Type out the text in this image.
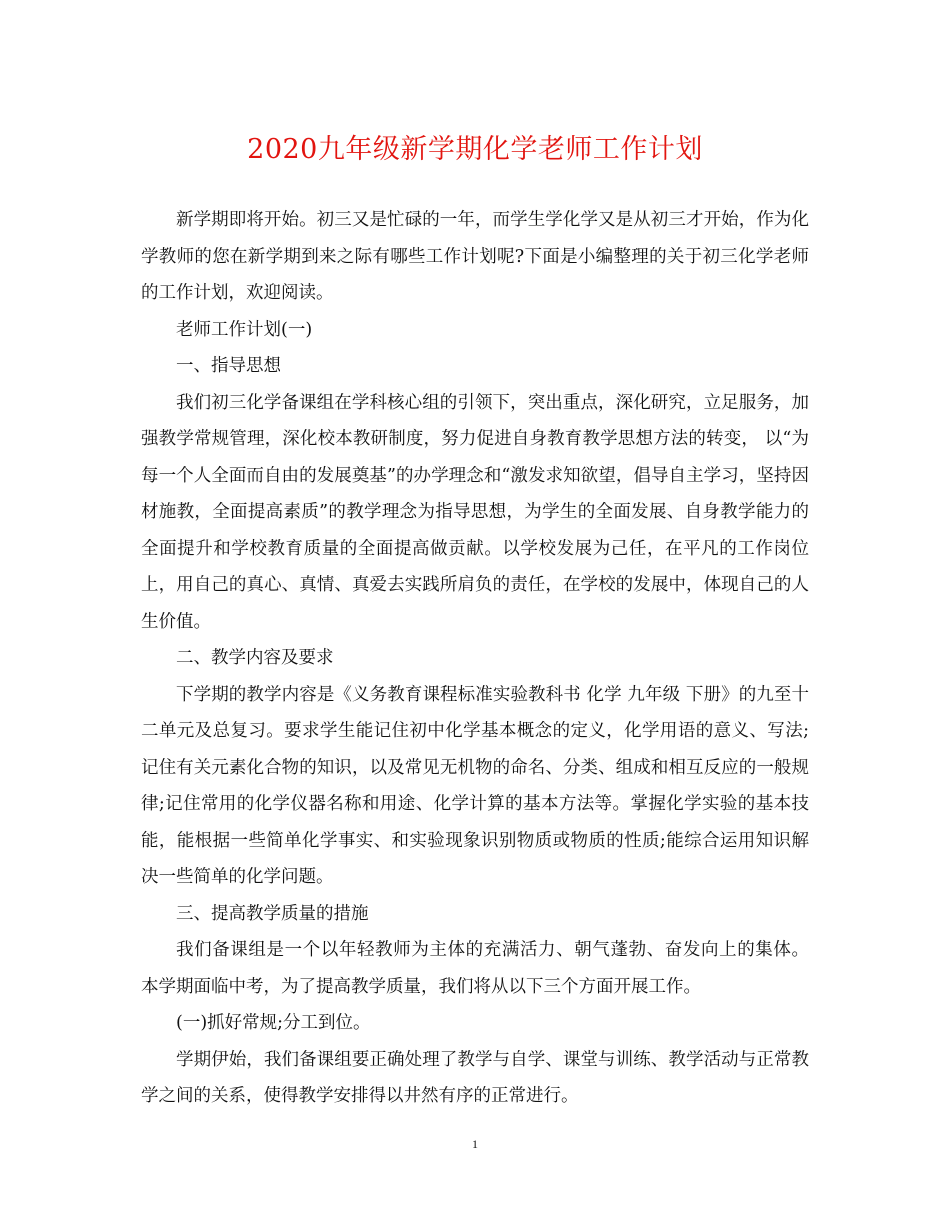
2020九年级新学期化学老师工作计划

新学期即将开始。初三又是忙碌的一年，而学生学化学又是从初三才开始，作为化学教师的您在新学期到来之际有哪些工作计划呢?下面是小编整理的关于初三化学老师的工作计划，欢迎阅读。

老师工作计划(一)

一、指导思想

我们初三化学备课组在学科核心组的引领下，突出重点，深化研究，立足服务，加强教学常规管理，深化校本教研制度，努力促进自身教育教学思想方法的转变， 以“为每一个人全面而自由的发展奠基”的办学理念和“激发求知欲望，倡导自主学习，坚持因材施教，全面提高素质”的教学理念为指导思想，为学生的全面发展、自身教学能力的全面提升和学校教育质量的全面提高做贡献。以学校发展为己任，在平凡的工作岗位上，用自己的真心、真情、真爱去实践所肩负的责任，在学校的发展中，体现自己的人生价值。

二、教学内容及要求

下学期的教学内容是《义务教育课程标准实验教科书 化学 九年级 下册》的九至十二单元及总复习。要求学生能记住初中化学基本概念的定义，化学用语的意义、写法;记住有关元素化合物的知识，以及常见无机物的命名、分类、组成和相互反应的一般规律;记住常用的化学仪器名称和用途、化学计算的基本方法等。掌握化学实验的基本技能，能根据一些简单化学事实、和实验现象识别物质或物质的性质;能综合运用知识解决一些简单的化学问题。

三、提高教学质量的措施

我们备课组是一个以年轻教师为主体的充满活力、朝气蓬勃、奋发向上的集体。 本学期面临中考，为了提高教学质量，我们将从以下三个方面开展工作。

(一)抓好常规;分工到位。

学期伊始，我们备课组要正确处理了教学与自学、课堂与训练、教学活动与正常教学之间的关系，使得教学安排得以井然有序的正常进行。

1
